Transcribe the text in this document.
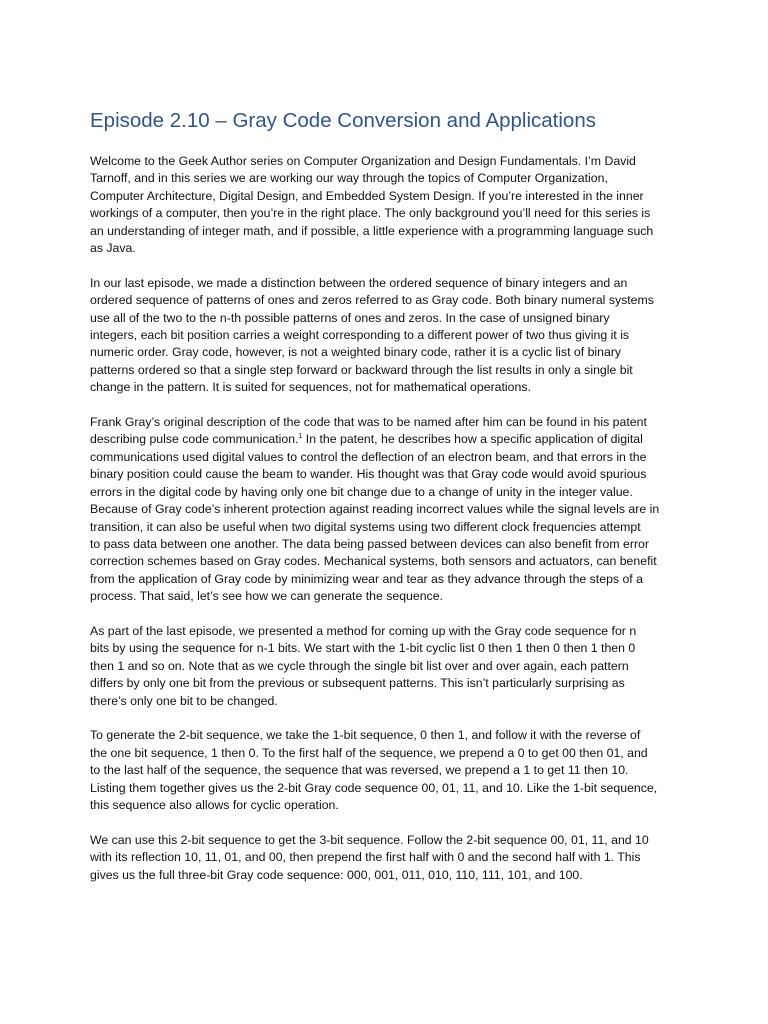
Episode 2.10 – Gray Code Conversion and Applications

Welcome to the Geek Author series on Computer Organization and Design Fundamentals. I’m David
Tarnoff, and in this series we are working our way through the topics of Computer Organization,
Computer Architecture, Digital Design, and Embedded System Design. If you’re interested in the inner
workings of a computer, then you’re in the right place. The only background you’ll need for this series is
an understanding of integer math, and if possible, a little experience with a programming language such
as Java.

In our last episode, we made a distinction between the ordered sequence of binary integers and an
ordered sequence of patterns of ones and zeros referred to as Gray code. Both binary numeral systems
use all of the two to the n-th possible patterns of ones and zeros. In the case of unsigned binary
integers, each bit position carries a weight corresponding to a different power of two thus giving it is
numeric order. Gray code, however, is not a weighted binary code, rather it is a cyclic list of binary
patterns ordered so that a single step forward or backward through the list results in only a single bit
change in the pattern. It is suited for sequences, not for mathematical operations.

Frank Gray’s original description of the code that was to be named after him can be found in his patent
describing pulse code communication.$^1$ In the patent, he describes how a specific application of digital
communications used digital values to control the deflection of an electron beam, and that errors in the
binary position could cause the beam to wander. His thought was that Gray code would avoid spurious
errors in the digital code by having only one bit change due to a change of unity in the integer value.
Because of Gray code’s inherent protection against reading incorrect values while the signal levels are in
transition, it can also be useful when two digital systems using two different clock frequencies attempt
to pass data between one another. The data being passed between devices can also benefit from error
correction schemes based on Gray codes. Mechanical systems, both sensors and actuators, can benefit
from the application of Gray code by minimizing wear and tear as they advance through the steps of a
process. That said, let’s see how we can generate the sequence.

As part of the last episode, we presented a method for coming up with the Gray code sequence for n
bits by using the sequence for n-1 bits. We start with the 1-bit cyclic list 0 then 1 then 0 then 1 then 0
then 1 and so on. Note that as we cycle through the single bit list over and over again, each pattern
differs by only one bit from the previous or subsequent patterns. This isn’t particularly surprising as
there’s only one bit to be changed.

To generate the 2-bit sequence, we take the 1-bit sequence, 0 then 1, and follow it with the reverse of
the one bit sequence, 1 then 0. To the first half of the sequence, we prepend a 0 to get 00 then 01, and
to the last half of the sequence, the sequence that was reversed, we prepend a 1 to get 11 then 10.
Listing them together gives us the 2-bit Gray code sequence 00, 01, 11, and 10. Like the 1-bit sequence,
this sequence also allows for cyclic operation.

We can use this 2-bit sequence to get the 3-bit sequence. Follow the 2-bit sequence 00, 01, 11, and 10
with its reflection 10, 11, 01, and 00, then prepend the first half with 0 and the second half with 1. This
gives us the full three-bit Gray code sequence: 000, 001, 011, 010, 110, 111, 101, and 100.
